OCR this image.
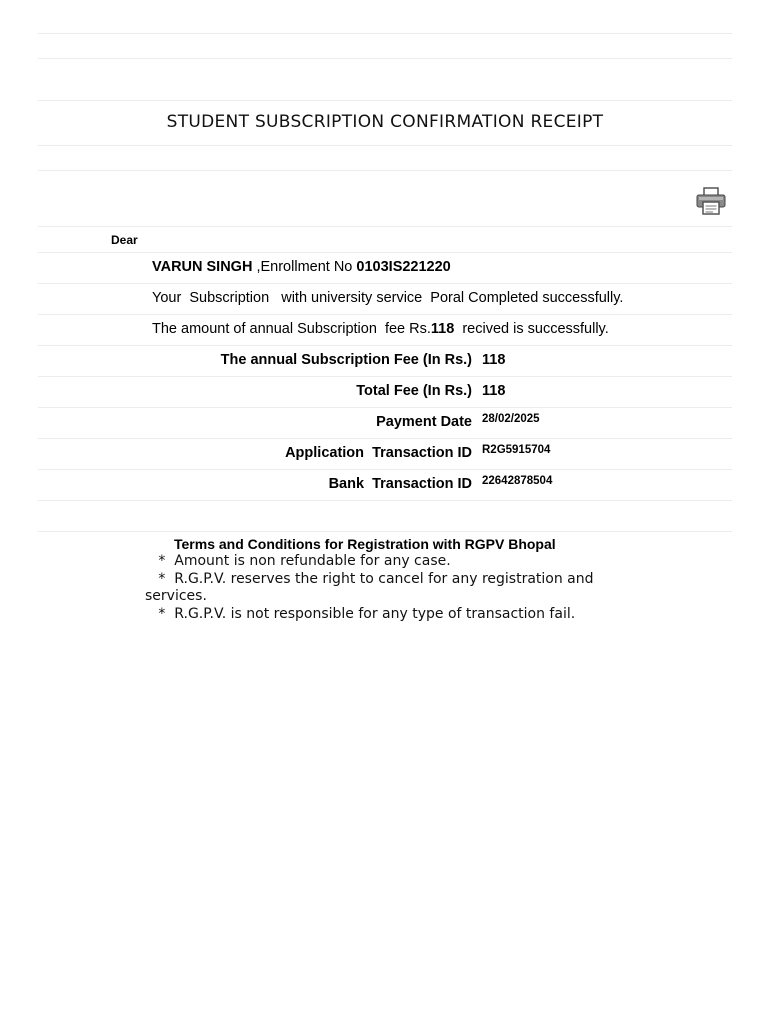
STUDENT SUBSCRIPTION CONFIRMATION RECEIPT
Dear
VARUN SINGH ,Enrollment No 0103IS221220
Your  Subscription   with university service  Poral Completed successfully.
The amount of annual Subscription  fee Rs.118  recived is successfully.
The annual Subscription Fee (In Rs.) 118
Total Fee (In Rs.) 118
Payment Date 28/02/2025
Application  Transaction ID R2G5915704
Bank  Transaction ID 22642878504
Terms and Conditions for Registration with RGPV Bhopal
*  Amount is non refundable for any case.
*  R.G.P.V. reserves the right to cancel for any registration and services.
*  R.G.P.V. is not responsible for any type of transaction fail.
